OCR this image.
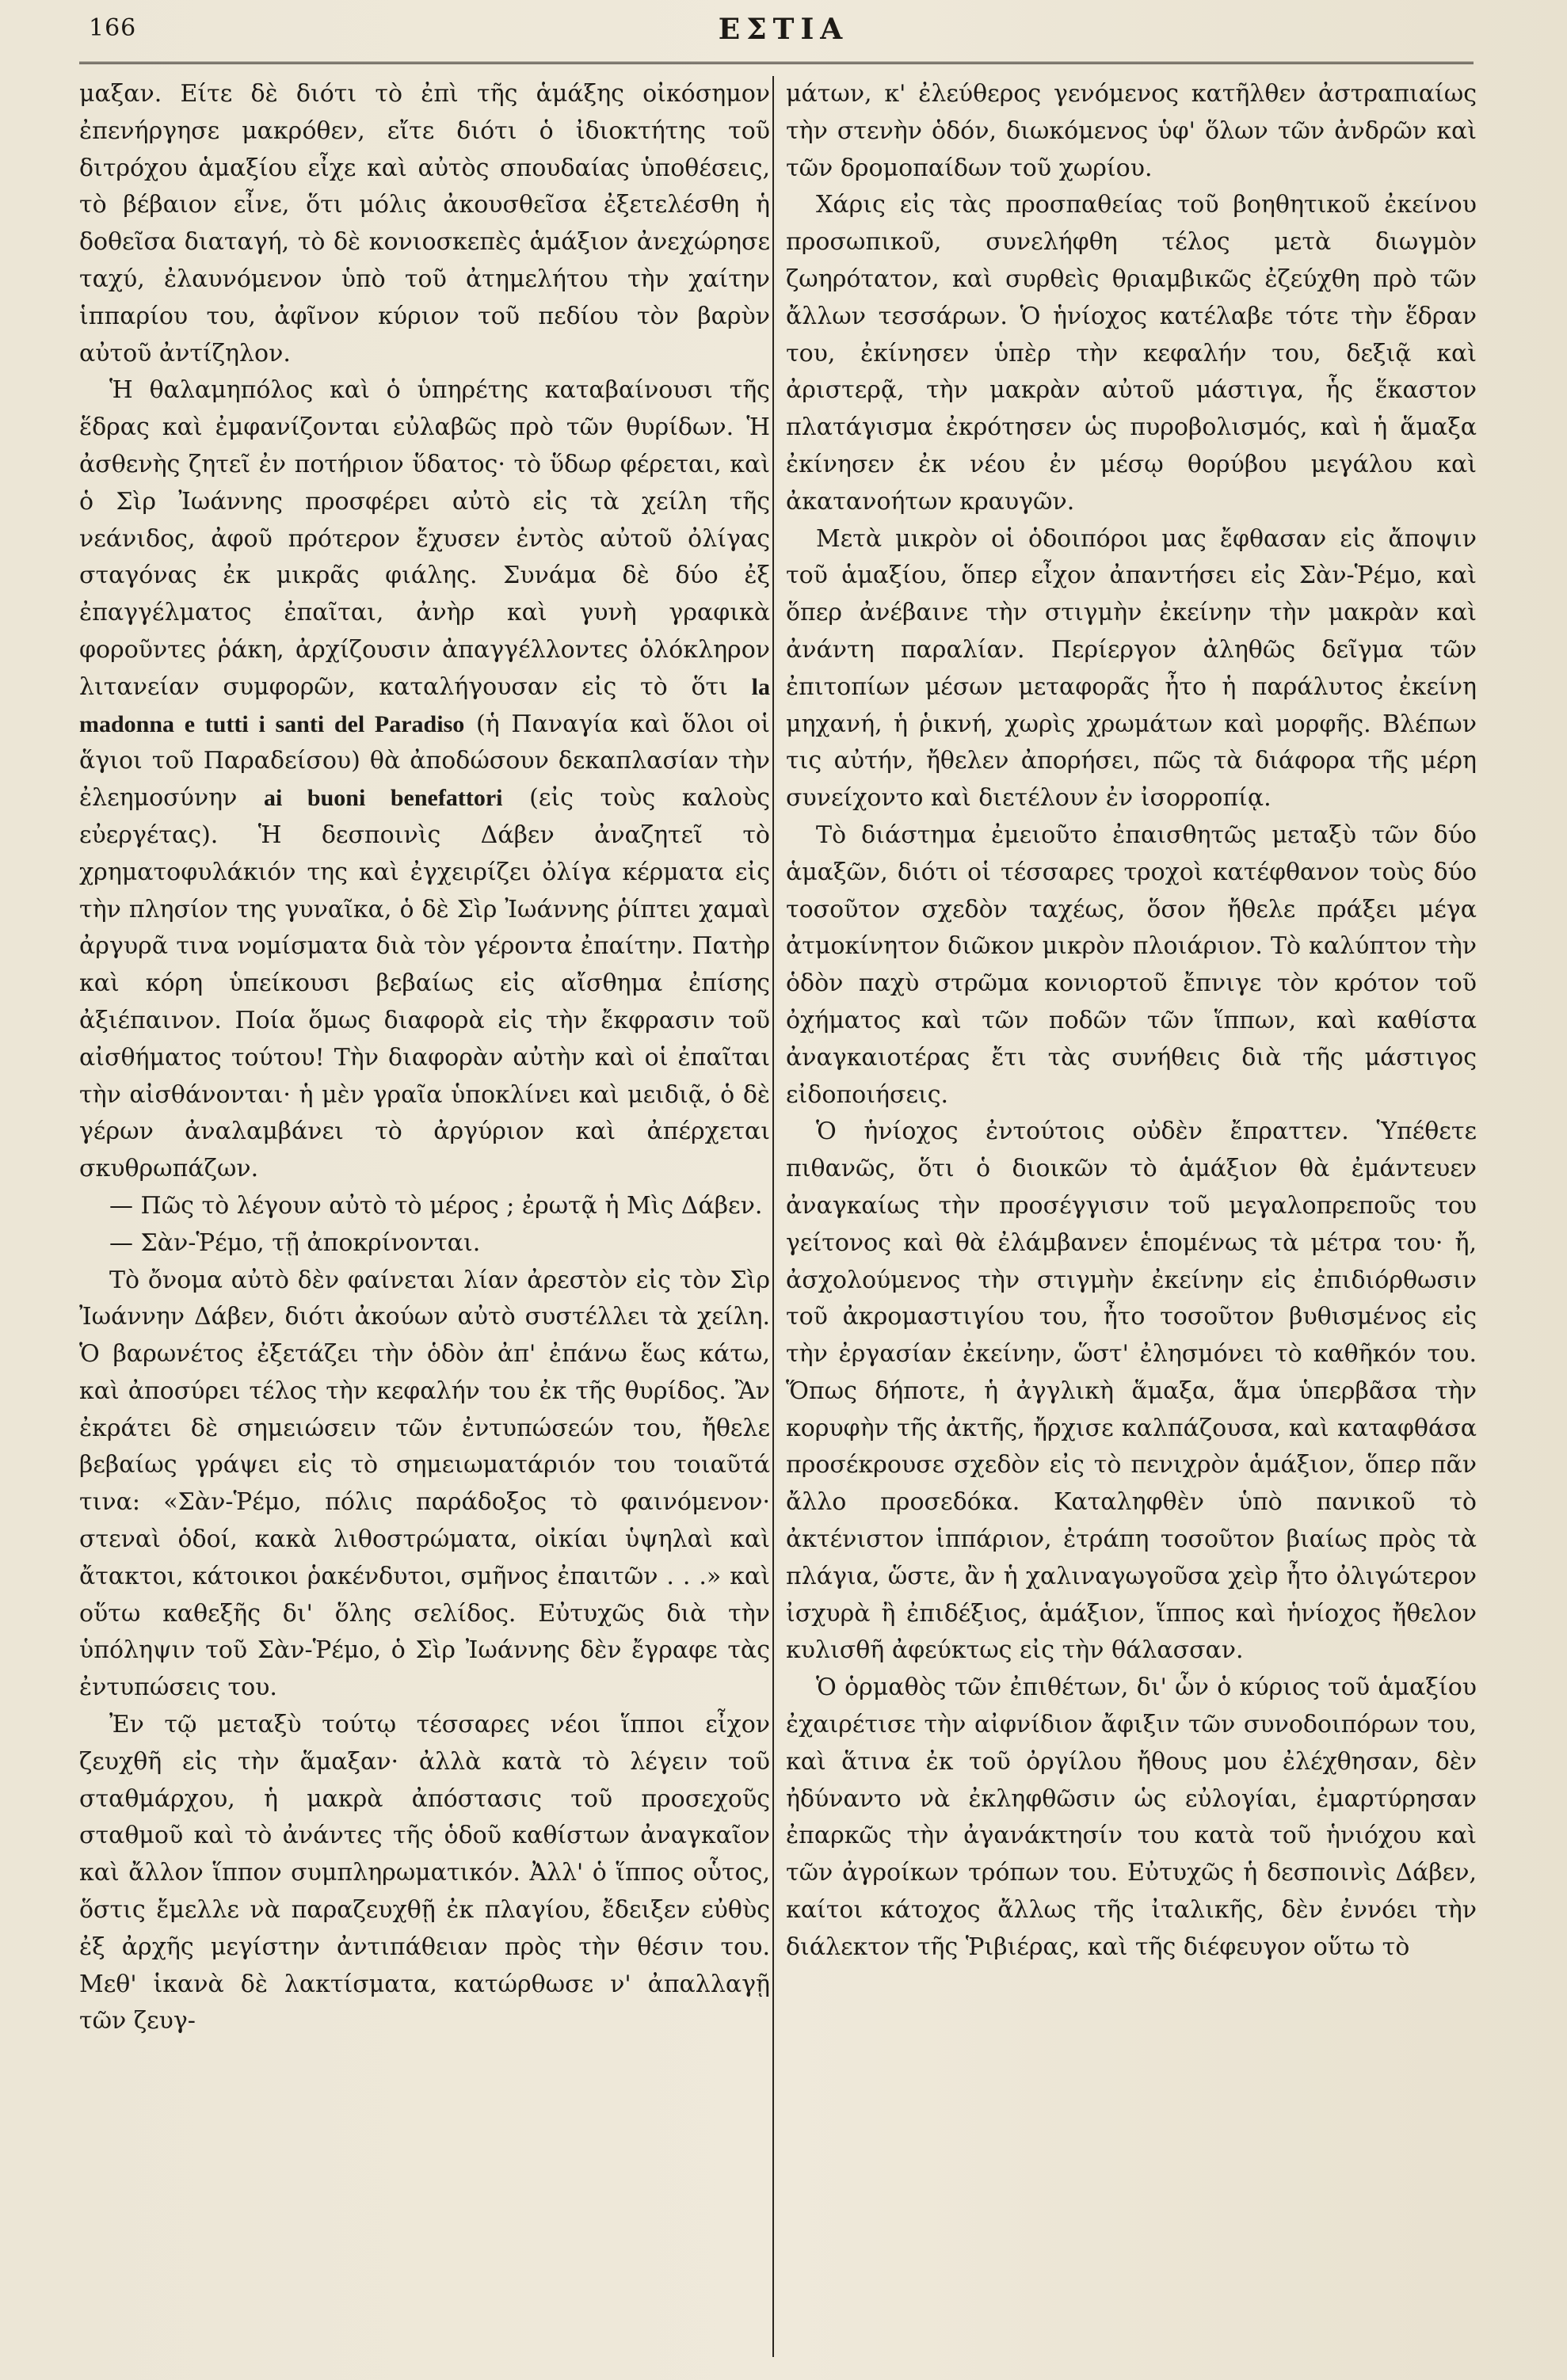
166	ΕΣΤΙΑ

μαξαν. Είτε δὲ διότι τὸ ἐπὶ τῆς ἁμάξης οἰκόσημον ἐπενήργησε μακρόθεν, εἴτε διότι ὁ ἰδιοκτήτης τοῦ διτρόχου ἁμαξίου εἶχε καὶ αὐτὸς σπουδαίας ὑποθέσεις, τὸ βέβαιον εἶνε, ὅτι μόλις ἀκουσθεῖσα ἐξετελέσθη ἡ δοθεῖσα διαταγή, τὸ δὲ κονιοσκεπὲς ἁμάξιον ἀνεχώρησε ταχύ, ἐλαυνόμενον ὑπὸ τοῦ ἀτημελήτου τὴν χαίτην ἱππαρίου του, ἀφῖνον κύριον τοῦ πεδίου τὸν βαρὺν αὐτοῦ ἀντίζηλον.

Ἡ θαλαμηπόλος καὶ ὁ ὑπηρέτης καταβαίνουσι τῆς ἕδρας καὶ ἐμφανίζονται εὐλαβῶς πρὸ τῶν θυρίδων. Ἡ ἀσθενὴς ζητεῖ ἐν ποτήριον ὕδατος· τὸ ὕδωρ φέρεται, καὶ ὁ Σὶρ Ἰωάννης προσφέρει αὐτὸ εἰς τὰ χείλη τῆς νεάνιδος, ἀφοῦ πρότερον ἔχυσεν ἐντὸς αὐτοῦ ὀλίγας σταγόνας ἐκ μικρᾶς φιάλης. Συνάμα δὲ δύο ἐξ ἐπαγγέλματος ἐπαῖται, ἀνὴρ καὶ γυνὴ γραφικὰ φοροῦντες ῥάκη, ἀρχίζουσιν ἀπαγγέλλοντες ὁλόκληρον λιτανείαν συμφορῶν, καταλήγουσαν εἰς τὸ ὅτι la madonna e tutti i santi del Paradiso (ἡ Παναγία καὶ ὅλοι οἱ ἅγιοι τοῦ Παραδείσου) θὰ ἀποδώσουν δεκαπλασίαν τὴν ἐλεημοσύνην ai buoni benefattori (εἰς τοὺς καλοὺς εὐεργέτας). Ἡ δεσποινὶς Δάβεν ἀναζητεῖ τὸ χρηματοφυλάκιόν της καὶ ἐγχειρίζει ὀλίγα κέρματα εἰς τὴν πλησίον της γυναῖκα, ὁ δὲ Σὶρ Ἰωάννης ῥίπτει χαμαὶ ἀργυρᾶ τινα νομίσματα διὰ τὸν γέροντα ἐπαίτην. Πατὴρ καὶ κόρη ὑπείκουσι βεβαίως εἰς αἴσθημα ἐπίσης ἀξιέπαινον. Ποία ὅμως διαφορὰ εἰς τὴν ἔκφρασιν τοῦ αἰσθήματος τούτου! Τὴν διαφορὰν αὐτὴν καὶ οἱ ἐπαῖται τὴν αἰσθάνονται· ἡ μὲν γραῖα ὑποκλίνει καὶ μειδιᾷ, ὁ δὲ γέρων ἀναλαμβάνει τὸ ἀργύριον καὶ ἀπέρχεται σκυθρωπάζων.

— Πῶς τὸ λέγουν αὐτὸ τὸ μέρος ; ἐρωτᾷ ἡ Μὶς Δάβεν.

— Σὰν-Ῥέμο, τῇ ἀποκρίνονται.

Τὸ ὄνομα αὐτὸ δὲν φαίνεται λίαν ἀρεστὸν εἰς τὸν Σὶρ Ἰωάννην Δάβεν, διότι ἀκούων αὐτὸ συστέλλει τὰ χείλη. Ὁ βαρωνέτος ἐξετάζει τὴν ὁδὸν ἀπ' ἐπάνω ἕως κάτω, καὶ ἀποσύρει τέλος τὴν κεφαλήν του ἐκ τῆς θυρίδος. Ἂν ἐκράτει δὲ σημειώσειν τῶν ἐντυπώσεών του, ἤθελε βεβαίως γράψει εἰς τὸ σημειωματάριόν του τοιαῦτά τινα: «Σὰν-Ῥέμο, πόλις παράδοξος τὸ φαινόμενον· στεναὶ ὁδοί, κακὰ λιθοστρώματα, οἰκίαι ὑψηλαὶ καὶ ἄτακτοι, κάτοικοι ῥακένδυτοι, σμῆνος ἐπαιτῶν . . .» καὶ οὕτω καθεξῆς δι' ὅλης σελίδος. Εὐτυχῶς διὰ τὴν ὑπόληψιν τοῦ Σὰν-Ῥέμο, ὁ Σὶρ Ἰωάννης δὲν ἔγραφε τὰς ἐντυπώσεις του.

Ἐν τῷ μεταξὺ τούτῳ τέσσαρες νέοι ἵπποι εἶχον ζευχθῆ εἰς τὴν ἅμαξαν· ἀλλὰ κατὰ τὸ λέγειν τοῦ σταθμάρχου, ἡ μακρὰ ἀπόστασις τοῦ προσεχοῦς σταθμοῦ καὶ τὸ ἀνάντες τῆς ὁδοῦ καθίστων ἀναγκαῖον καὶ ἄλλον ἵππον συμπληρωματικόν. Ἀλλ' ὁ ἵππος οὗτος, ὅστις ἔμελλε νὰ παραζευχθῇ ἐκ πλαγίου, ἔδειξεν εὐθὺς ἐξ ἀρχῆς μεγίστην ἀντιπάθειαν πρὸς τὴν θέσιν του. Μεθ' ἱκανὰ δὲ λακτίσματα, κατώρθωσε ν' ἀπαλλαγῇ τῶν ζευγ-

μάτων, κ' ἐλεύθερος γενόμενος κατῆλθεν ἀστραπιαίως τὴν στενὴν ὁδόν, διωκόμενος ὑφ' ὅλων τῶν ἀνδρῶν καὶ τῶν δρομοπαίδων τοῦ χωρίου.

Χάρις εἰς τὰς προσπαθείας τοῦ βοηθητικοῦ ἐκείνου προσωπικοῦ, συνελήφθη τέλος μετὰ διωγμὸν ζωηρότατον, καὶ συρθεὶς θριαμβικῶς ἐζεύχθη πρὸ τῶν ἄλλων τεσσάρων. Ὁ ἡνίοχος κατέλαβε τότε τὴν ἕδραν του, ἐκίνησεν ὑπὲρ τὴν κεφαλήν του, δεξιᾷ καὶ ἀριστερᾷ, τὴν μακρὰν αὐτοῦ μάστιγα, ἧς ἕκαστον πλατάγισμα ἐκρότησεν ὡς πυροβολισμός, καὶ ἡ ἅμαξα ἐκίνησεν ἐκ νέου ἐν μέσῳ θορύβου μεγάλου καὶ ἀκατανοήτων κραυγῶν.

Μετὰ μικρὸν οἱ ὁδοιπόροι μας ἔφθασαν εἰς ἄποψιν τοῦ ἁμαξίου, ὅπερ εἶχον ἀπαντήσει εἰς Σὰν-Ῥέμο, καὶ ὅπερ ἀνέβαινε τὴν στιγμὴν ἐκείνην τὴν μακρὰν καὶ ἀνάντη παραλίαν. Περίεργον ἀληθῶς δεῖγμα τῶν ἐπιτοπίων μέσων μεταφορᾶς ἦτο ἡ παράλυτος ἐκείνη μηχανή, ἡ ῥικνή, χωρὶς χρωμάτων καὶ μορφῆς. Βλέπων τις αὐτήν, ἤθελεν ἀπορήσει, πῶς τὰ διάφορα τῆς μέρη συνείχοντο καὶ διετέλουν ἐν ἰσορροπίᾳ.

Τὸ διάστημα ἐμειοῦτο ἐπαισθητῶς μεταξὺ τῶν δύο ἁμαξῶν, διότι οἱ τέσσαρες τροχοὶ κατέφθανον τοὺς δύο τοσοῦτον σχεδὸν ταχέως, ὅσον ἤθελε πράξει μέγα ἀτμοκίνητον διῶκον μικρὸν πλοιάριον. Τὸ καλύπτον τὴν ὁδὸν παχὺ στρῶμα κονιορτοῦ ἔπνιγε τὸν κρότον τοῦ ὀχήματος καὶ τῶν ποδῶν τῶν ἵππων, καὶ καθίστα ἀναγκαιοτέρας ἔτι τὰς συνήθεις διὰ τῆς μάστιγος εἰδοποιήσεις.

Ὁ ἡνίοχος ἐντούτοις οὐδὲν ἔπραττεν. Ὑπέθετε πιθανῶς, ὅτι ὁ διοικῶν τὸ ἁμάξιον θὰ ἐμάντευεν ἀναγκαίως τὴν προσέγγισιν τοῦ μεγαλοπρεποῦς του γείτονος καὶ θὰ ἐλάμβανεν ἑπομένως τὰ μέτρα του· ἤ, ἀσχολούμενος τὴν στιγμὴν ἐκείνην εἰς ἐπιδιόρθωσιν τοῦ ἀκρομαστιγίου του, ἦτο τοσοῦτον βυθισμένος εἰς τὴν ἐργασίαν ἐκείνην, ὥστ' ἐλησμόνει τὸ καθῆκόν του. Ὅπως δήποτε, ἡ ἀγγλικὴ ἅμαξα, ἅμα ὑπερβᾶσα τὴν κορυφὴν τῆς ἀκτῆς, ἤρχισε καλπάζουσα, καὶ καταφθάσα προσέκρουσε σχεδὸν εἰς τὸ πενιχρὸν ἁμάξιον, ὅπερ πᾶν ἄλλο προσεδόκα. Καταληφθὲν ὑπὸ πανικοῦ τὸ ἀκτένιστον ἱππάριον, ἐτράπη τοσοῦτον βιαίως πρὸς τὰ πλάγια, ὥστε, ἂν ἡ χαλιναγωγοῦσα χεὶρ ἦτο ὀλιγώτερον ἰσχυρὰ ἢ ἐπιδέξιος, ἁμάξιον, ἵππος καὶ ἡνίοχος ἤθελον κυλισθῆ ἀφεύκτως εἰς τὴν θάλασσαν.

Ὁ ὁρμαθὸς τῶν ἐπιθέτων, δι' ὧν ὁ κύριος τοῦ ἁμαξίου ἐχαιρέτισε τὴν αἰφνίδιον ἄφιξιν τῶν συνοδοιπόρων του, καὶ ἅτινα ἐκ τοῦ ὀργίλου ἤθους μου ἐλέχθησαν, δὲν ἠδύναντο νὰ ἐκληφθῶσιν ὡς εὐλογίαι, ἐμαρτύρησαν ἐπαρκῶς τὴν ἀγανάκτησίν του κατὰ τοῦ ἡνιόχου καὶ τῶν ἀγροίκων τρόπων του. Εὐτυχῶς ἡ δεσποινὶς Δάβεν, καίτοι κάτοχος ἄλλως τῆς ἰταλικῆς, δὲν ἐννόει τὴν διάλεκτον τῆς Ῥιβιέρας, καὶ τῆς διέφευγον οὕτω τὸ
